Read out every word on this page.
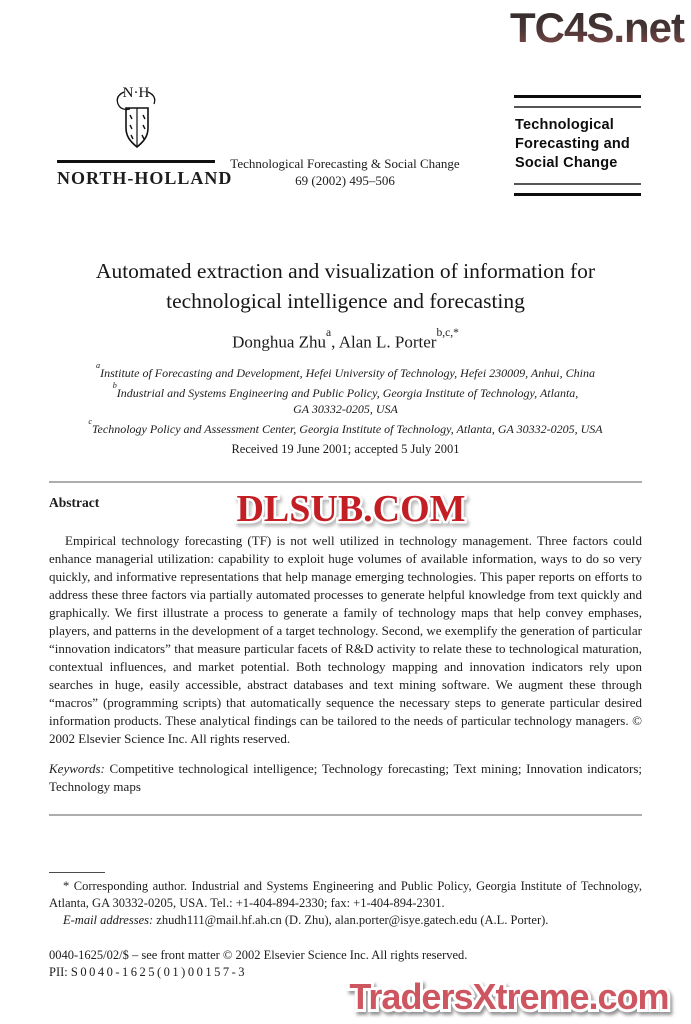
TC4S.net
N·H
NORTH-HOLLAND
Technological Forecasting & Social Change
69 (2002) 495–506
Technological
Forecasting and
Social Change
Automated extraction and visualization of information for
technological intelligence and forecasting
Donghua Zhu$^a$, Alan L. Porter$^{b,c,*}$
$^a$Institute of Forecasting and Development, Hefei University of Technology, Hefei 230009, Anhui, China
$^b$Industrial and Systems Engineering and Public Policy, Georgia Institute of Technology, Atlanta,
GA 30332-0205, USA
$^c$Technology Policy and Assessment Center, Georgia Institute of Technology, Atlanta, GA 30332-0205, USA
Received 19 June 2001; accepted 5 July 2001
Abstract	DLSUB.COM

Empirical technology forecasting (TF) is not well utilized in technology management. Three factors could enhance managerial utilization: capability to exploit huge volumes of available information, ways to do so very quickly, and informative representations that help manage emerging technologies. This paper reports on efforts to address these three factors via partially automated processes to generate helpful knowledge from text quickly and graphically. We first illustrate a process to generate a family of technology maps that help convey emphases, players, and patterns in the development of a target technology. Second, we exemplify the generation of particular “innovation indicators” that measure particular facets of R&D activity to relate these to technological maturation, contextual influences, and market potential. Both technology mapping and innovation indicators rely upon searches in huge, easily accessible, abstract databases and text mining software. We augment these through “macros” (programming scripts) that automatically sequence the necessary steps to generate particular desired information products. These analytical findings can be tailored to the needs of particular technology managers. © 2002 Elsevier Science Inc. All rights reserved.

Keywords: Competitive technological intelligence; Technology forecasting; Text mining; Innovation indicators; Technology maps

* Corresponding author. Industrial and Systems Engineering and Public Policy, Georgia Institute of Technology, Atlanta, GA 30332-0205, USA. Tel.: +1-404-894-2330; fax: +1-404-894-2301.

E-mail addresses: zhudh111@mail.hf.ah.cn (D. Zhu), alan.porter@isye.gatech.edu (A.L. Porter).

0040-1625/02/$ – see front matter © 2002 Elsevier Science Inc. All rights reserved.

PII: S0040-1625(01)00157-3

TradersXtreme.com
